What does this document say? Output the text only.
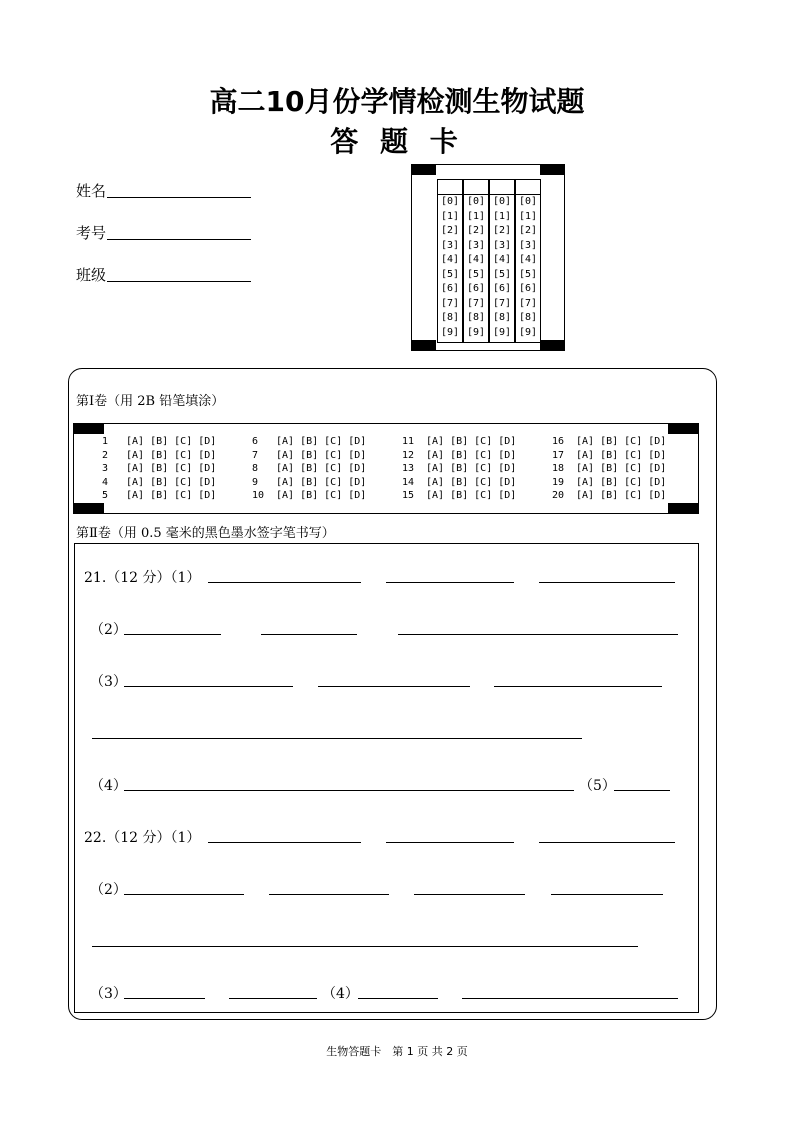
高二10月份学情检测生物试题
答 题 卡
姓名
考号
班级
[0]
[1]
[2]
[3]
[4]
[5]
[6]
[7]
[8]
[9]
[0]
[1]
[2]
[3]
[4]
[5]
[6]
[7]
[8]
[9]
[0]
[1]
[2]
[3]
[4]
[5]
[6]
[7]
[8]
[9]
[0]
[1]
[2]
[3]
[4]
[5]
[6]
[7]
[8]
[9]
第Ⅰ卷（用 2B 铅笔填涂）
1 [A] [B] [C] [D]
2 [A] [B] [C] [D]
3 [A] [B] [C] [D]
4 [A] [B] [C] [D]
5 [A] [B] [C] [D]
6 [A] [B] [C] [D]
7 [A] [B] [C] [D]
8 [A] [B] [C] [D]
9 [A] [B] [C] [D]
10 [A] [B] [C] [D]
11 [A] [B] [C] [D]
12 [A] [B] [C] [D]
13 [A] [B] [C] [D]
14 [A] [B] [C] [D]
15 [A] [B] [C] [D]
16 [A] [B] [C] [D]
17 [A] [B] [C] [D]
18 [A] [B] [C] [D]
19 [A] [B] [C] [D]
20 [A] [B] [C] [D]
第Ⅱ卷（用 0.5 毫米的黑色墨水签字笔书写）
21.（12 分）（1）
（2）
（3）
（4）	（5）
22.（12 分）（1）
（2）
（3）	（4）
生物答题卡　第 1 页 共 2 页
